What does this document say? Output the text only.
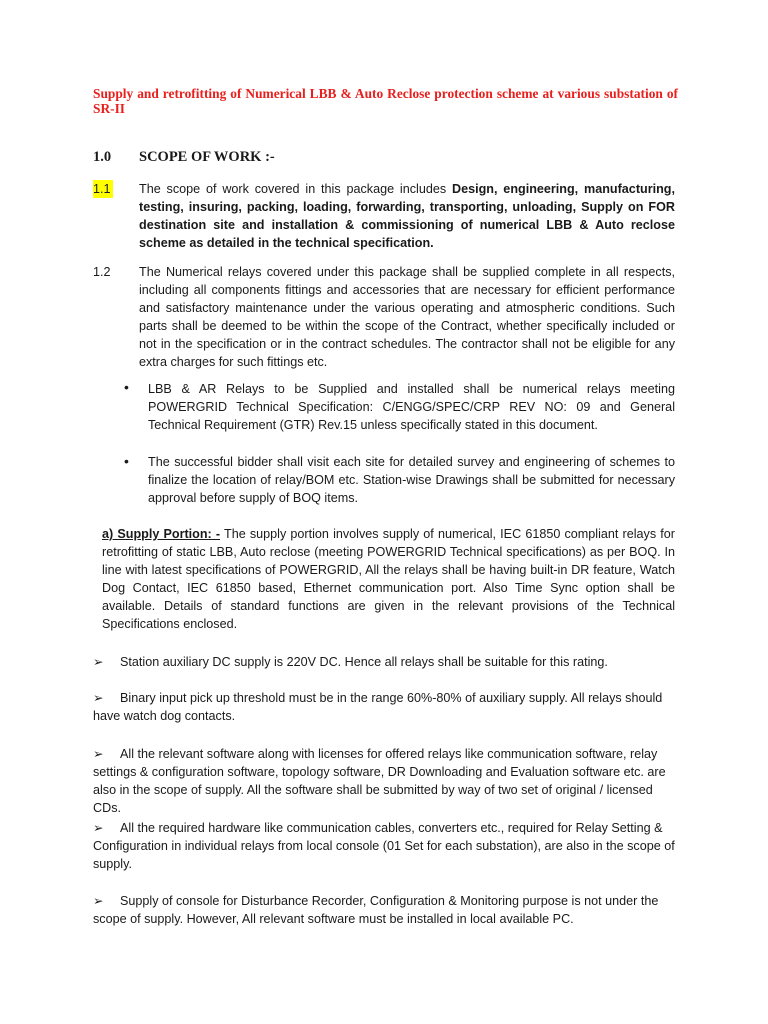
Supply and retrofitting of Numerical LBB & Auto Reclose protection scheme at various substation of SR-II
1.0 SCOPE OF WORK :-
1.1 The scope of work covered in this package includes Design, engineering, manufacturing, testing, insuring, packing, loading, forwarding, transporting, unloading, Supply on FOR destination site and installation & commissioning of numerical LBB & Auto reclose scheme as detailed in the technical specification.

1.2 The Numerical relays covered under this package shall be supplied complete in all respects, including all components fittings and accessories that are necessary for efficient performance and satisfactory maintenance under the various operating and atmospheric conditions. Such parts shall be deemed to be within the scope of the Contract, whether specifically included or not in the specification or in the contract schedules. The contractor shall not be eligible for any extra charges for such fittings etc.
• LBB & AR Relays to be Supplied and installed shall be numerical relays meeting POWERGRID Technical Specification: C/ENGG/SPEC/CRP REV NO: 09 and General Technical Requirement (GTR) Rev.15 unless specifically stated in this document.
• The successful bidder shall visit each site for detailed survey and engineering of schemes to finalize the location of relay/BOM etc. Station-wise Drawings shall be submitted for necessary approval before supply of BOQ items.
a) Supply Portion: - The supply portion involves supply of numerical, IEC 61850 compliant relays for retrofitting of static LBB, Auto reclose (meeting POWERGRID Technical specifications) as per BOQ. In line with latest specifications of POWERGRID, All the relays shall be having built-in DR feature, Watch Dog Contact, IEC 61850 based, Ethernet communication port. Also Time Sync option shall be available. Details of standard functions are given in the relevant provisions of the Technical Specifications enclosed.
➢ Station auxiliary DC supply is 220V DC. Hence all relays shall be suitable for this rating.
➢ Binary input pick up threshold must be in the range 60%-80% of auxiliary supply. All relays should have watch dog contacts.
➢ All the relevant software along with licenses for offered relays like communication software, relay settings & configuration software, topology software, DR Downloading and Evaluation software etc. are also in the scope of supply. All the software shall be submitted by way of two set of original / licensed CDs.
➢ All the required hardware like communication cables, converters etc., required for Relay Setting & Configuration in individual relays from local console (01 Set for each substation), are also in the scope of supply.
➢ Supply of console for Disturbance Recorder, Configuration & Monitoring purpose is not under the scope of supply. However, All relevant software must be installed in local available PC.
